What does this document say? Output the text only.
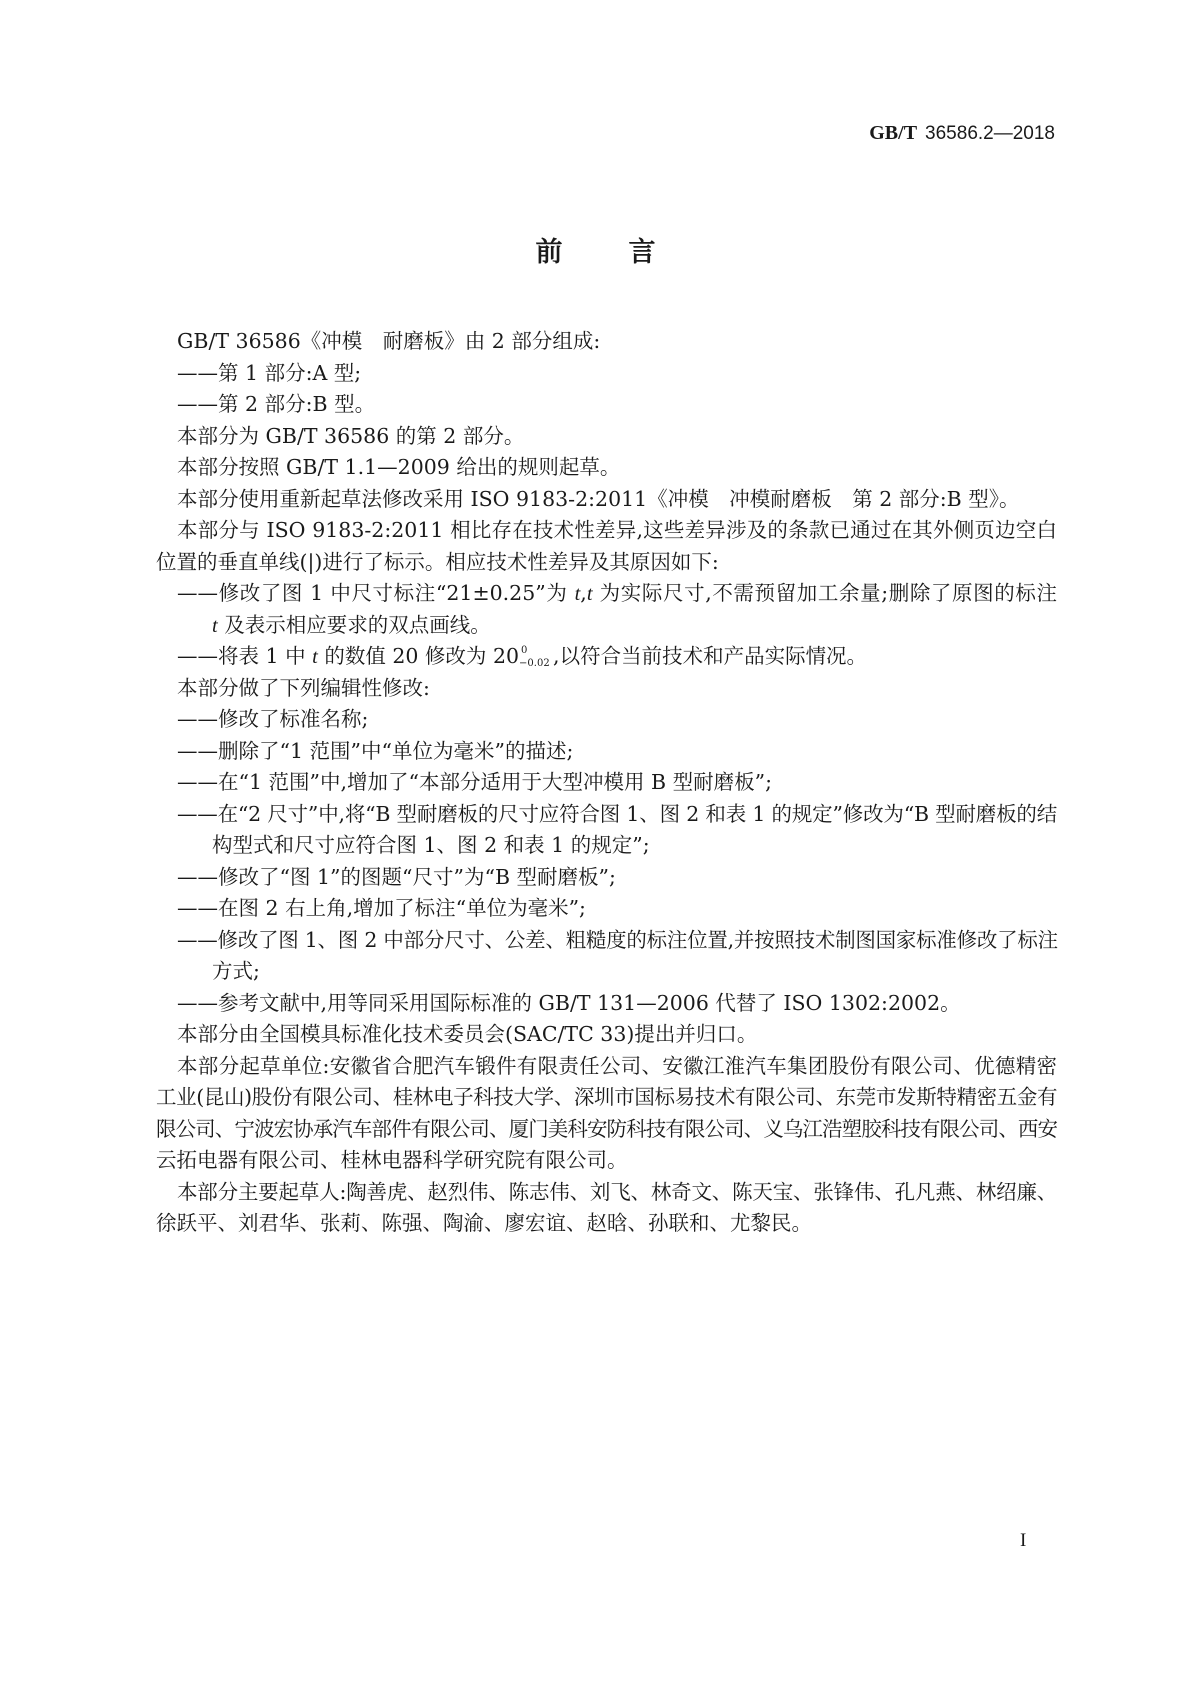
GB/T 36586.2—2018
前 言
GB/T 36586《冲模　耐磨板》由 2 部分组成:
——第 1 部分:A 型;
——第 2 部分:B 型。
本部分为 GB/T 36586 的第 2 部分。
本部分按照 GB/T 1.1—2009 给出的规则起草。
本部分使用重新起草法修改采用 ISO 9183-2:2011《冲模　冲模耐磨板　第 2 部分:B 型》。
本部分与 ISO 9183-2:2011 相比存在技术性差异,这些差异涉及的条款已通过在其外侧页边空白
位置的垂直单线(|)进行了标示。相应技术性差异及其原因如下:
——修改了图 1 中尺寸标注“21±0.25”为 t,t 为实际尺寸,不需预留加工余量;删除了原图的标注
t 及表示相应要求的双点画线。
——将表 1 中 t 的数值 20 修改为 20 0
−0.02 ,以符合当前技术和产品实际情况。
本部分做了下列编辑性修改:
——修改了标准名称;
——删除了“1 范围”中“单位为毫米”的描述;
——在“1 范围”中,增加了“本部分适用于大型冲模用 B 型耐磨板”;
——在“2 尺寸”中,将“B 型耐磨板的尺寸应符合图 1、图 2 和表 1 的规定”修改为“B 型耐磨板的结
构型式和尺寸应符合图 1、图 2 和表 1 的规定”;
——修改了“图 1”的图题“尺寸”为“B 型耐磨板”;
——在图 2 右上角,增加了标注“单位为毫米”;
——修改了图 1、图 2 中部分尺寸、公差、粗糙度的标注位置,并按照技术制图国家标准修改了标注
方式;
——参考文献中,用等同采用国际标准的 GB/T 131—2006 代替了 ISO 1302:2002。
本部分由全国模具标准化技术委员会(SAC/TC 33)提出并归口。
本部分起草单位:安徽省合肥汽车锻件有限责任公司、安徽江淮汽车集团股份有限公司、优德精密
工业(昆山)股份有限公司、桂林电子科技大学、深圳市国标易技术有限公司、东莞市发斯特精密五金有
限公司、宁波宏协承汽车部件有限公司、厦门美科安防科技有限公司、义乌江浩塑胶科技有限公司、西安
云拓电器有限公司、桂林电器科学研究院有限公司。
本部分主要起草人:陶善虎、赵烈伟、陈志伟、刘飞、林奇文、陈天宝、张锋伟、孔凡燕、林绍廉、
徐跃平、刘君华、张莉、陈强、陶渝、廖宏谊、赵晗、孙联和、尤黎民。
I
